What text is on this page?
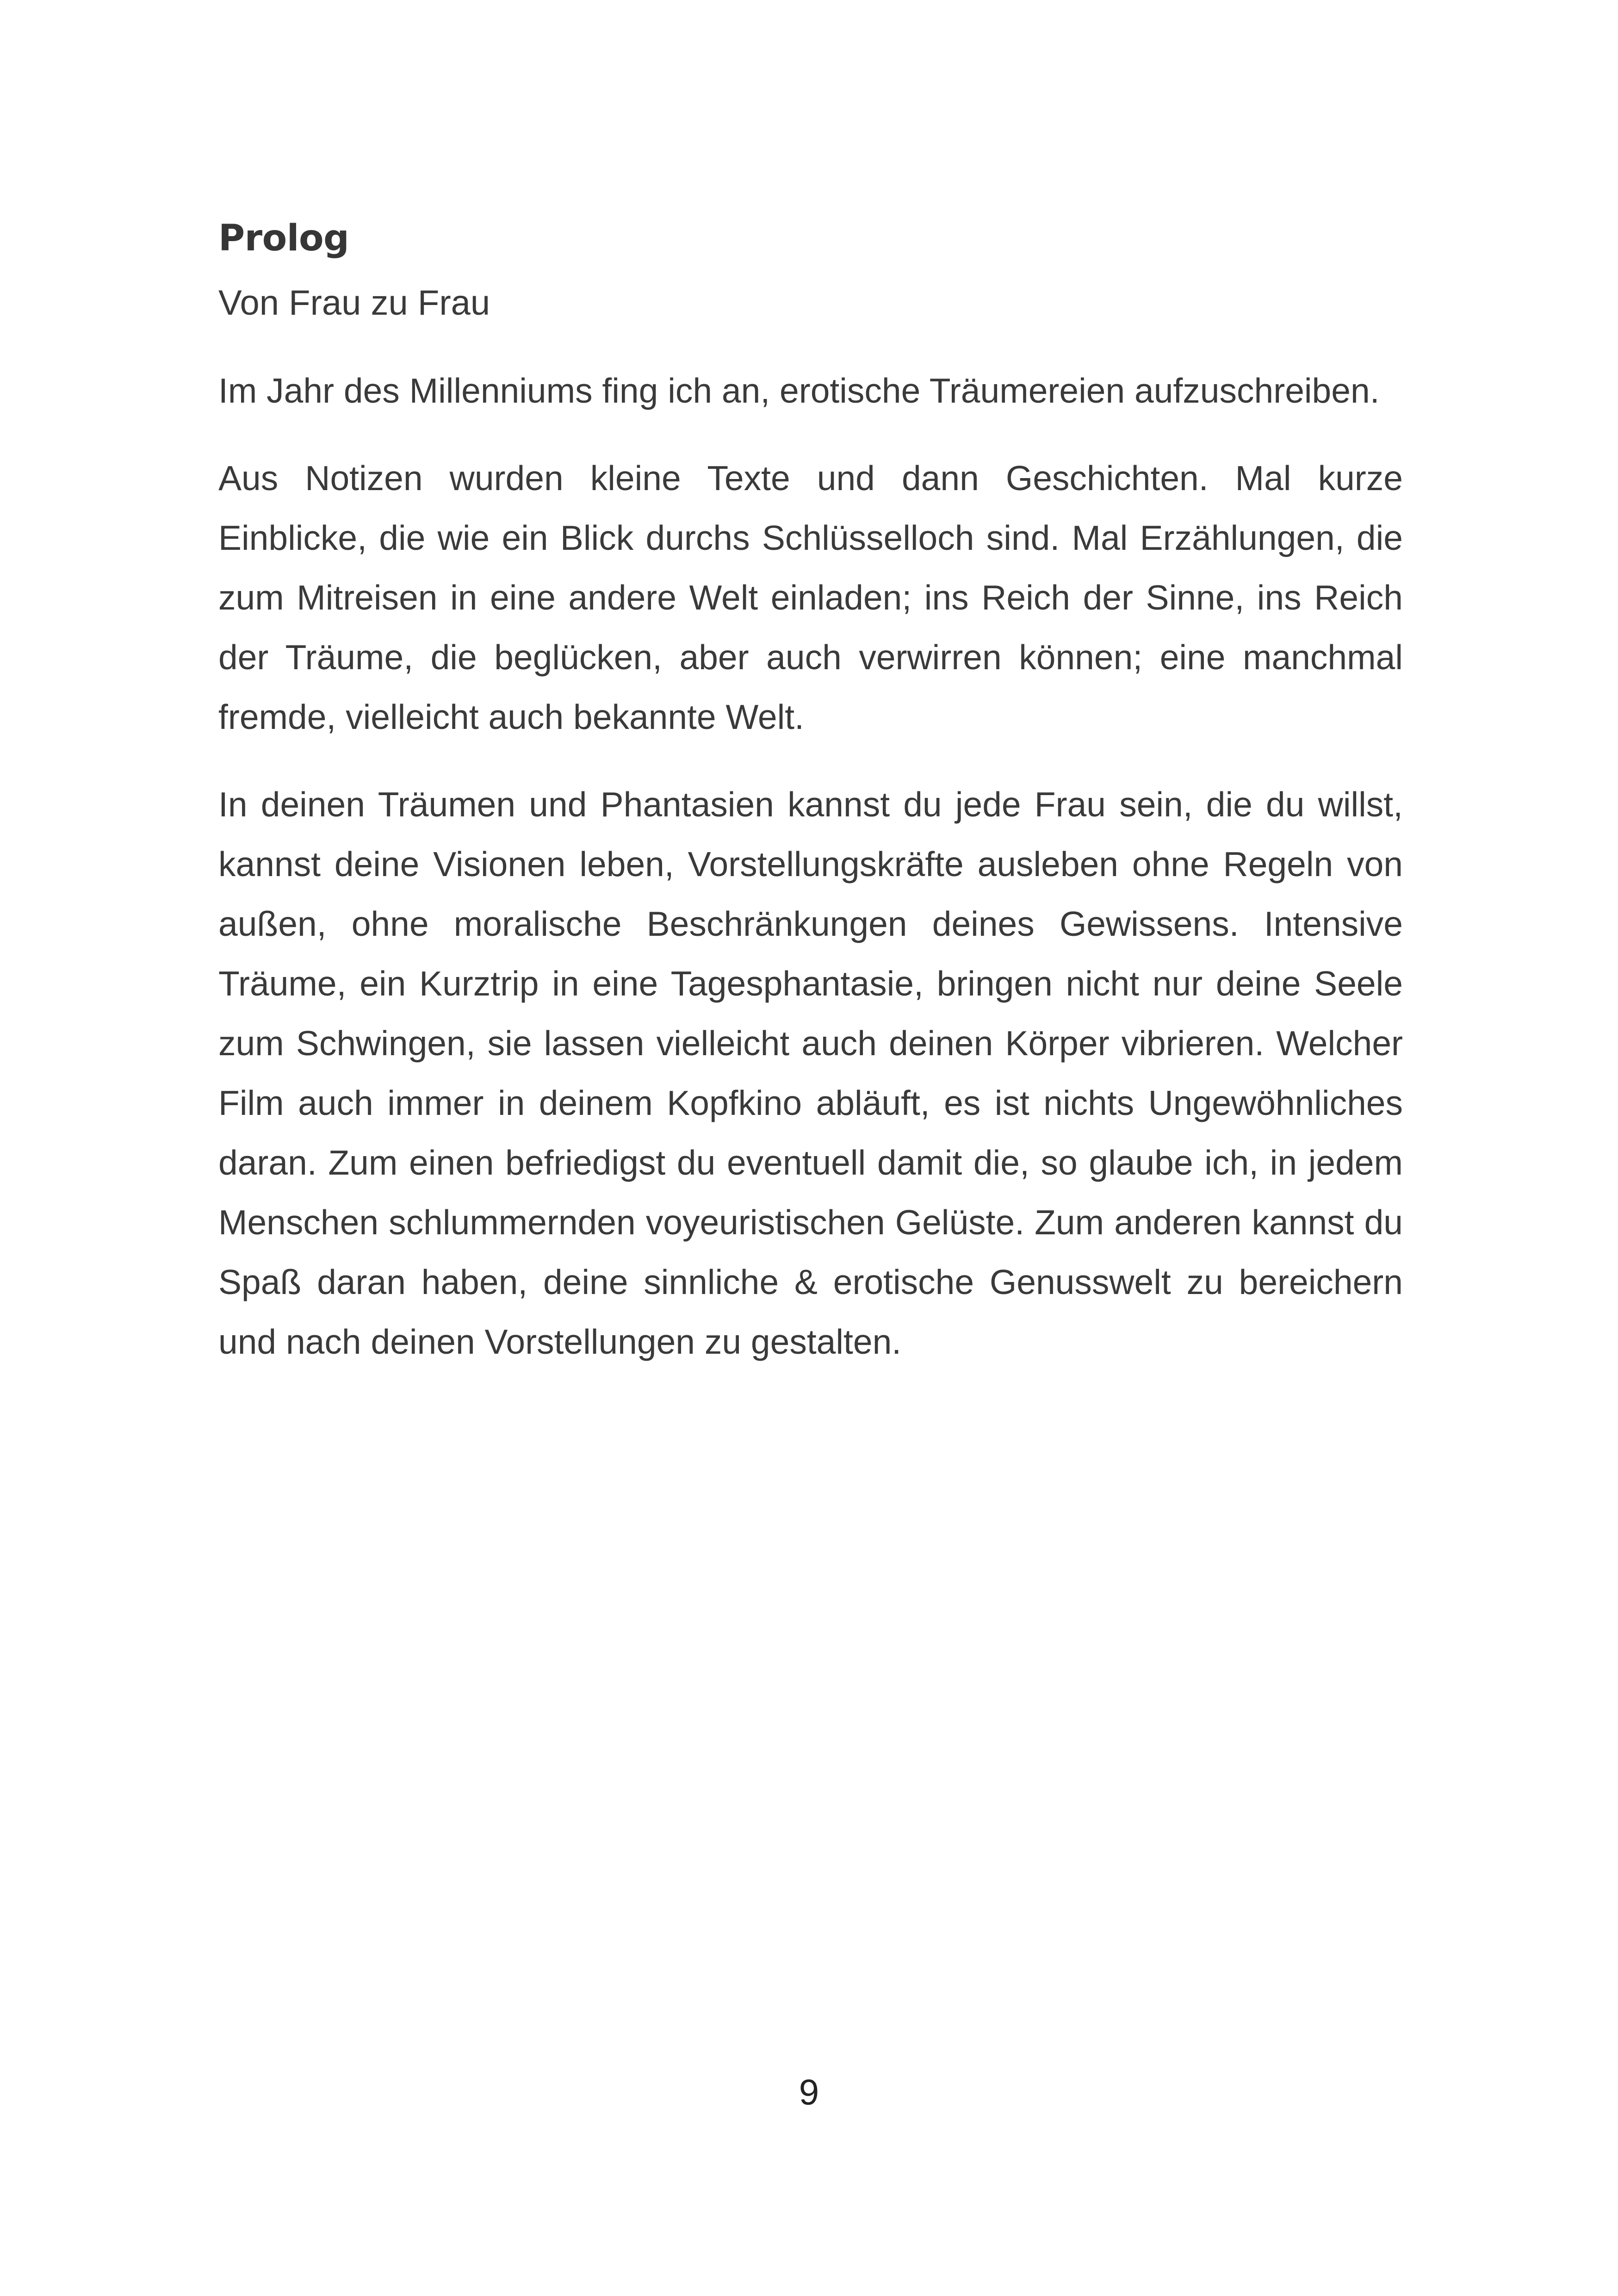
Prolog

Von Frau zu Frau

Im Jahr des Millenniums fing ich an, erotische Träumereien aufzuschreiben.

Aus Notizen wurden kleine Texte und dann Geschichten. Mal kurze Einblicke, die wie ein Blick durchs Schlüsselloch sind. Mal Erzählungen, die zum Mitreisen in eine andere Welt einladen; ins Reich der Sinne, ins Reich der Träume, die beglücken, aber auch verwirren können; eine manchmal fremde, vielleicht auch bekannte Welt.

In deinen Träumen und Phantasien kannst du jede Frau sein, die du willst, kannst deine Visionen leben, Vorstellungskräfte ausleben ohne Regeln von außen, ohne moralische Beschränkungen deines Gewissens. Intensive Träume, ein Kurztrip in eine Tagesphantasie, bringen nicht nur deine Seele zum Schwingen, sie lassen vielleicht auch deinen Körper vibrieren. Welcher Film auch immer in deinem Kopfkino abläuft, es ist nichts Ungewöhnliches daran. Zum einen befriedigst du eventuell damit die, so glaube ich, in jedem Menschen schlummernden voyeuristischen Gelüste. Zum anderen kannst du Spaß daran haben, deine sinnliche & erotische Genusswelt zu bereichern und nach deinen Vorstellungen zu gestalten.

9
